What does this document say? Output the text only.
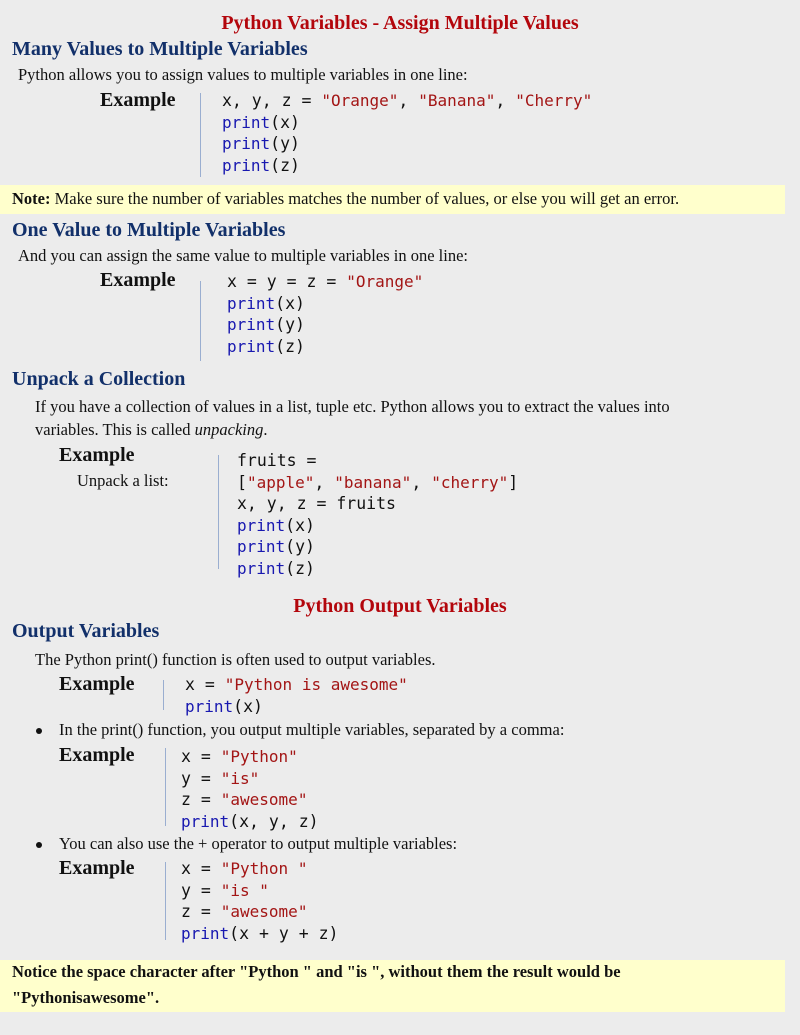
Python Variables - Assign Multiple Values
Many Values to Multiple Variables
Python allows you to assign values to multiple variables in one line:
Example	x, y, z = "Orange", "Banana", "Cherry"
print(x)
print(y)
print(z)
Note: Make sure the number of variables matches the number of values, or else you will get an error.
One Value to Multiple Variables
And you can assign the same value to multiple variables in one line:
Example	x = y = z = "Orange"
print(x)
print(y)
print(z)
Unpack a Collection
If you have a collection of values in a list, tuple etc. Python allows you to extract the values into
variables. This is called unpacking.
Example
Unpack a list:
fruits =
["apple", "banana", "cherry"]
x, y, z = fruits
print(x)
print(y)
print(z)
Python Output Variables
Output Variables
The Python print() function is often used to output variables.
Example	x = "Python is awesome"
print(x)
In the print() function, you output multiple variables, separated by a comma:
Example	x = "Python"
y = "is"
z = "awesome"
print(x, y, z)
You can also use the + operator to output multiple variables:
Example	x = "Python "
y = "is "
z = "awesome"
print(x + y + z)
Notice the space character after "Python " and "is ", without them the result would be
"Pythonisawesome".
